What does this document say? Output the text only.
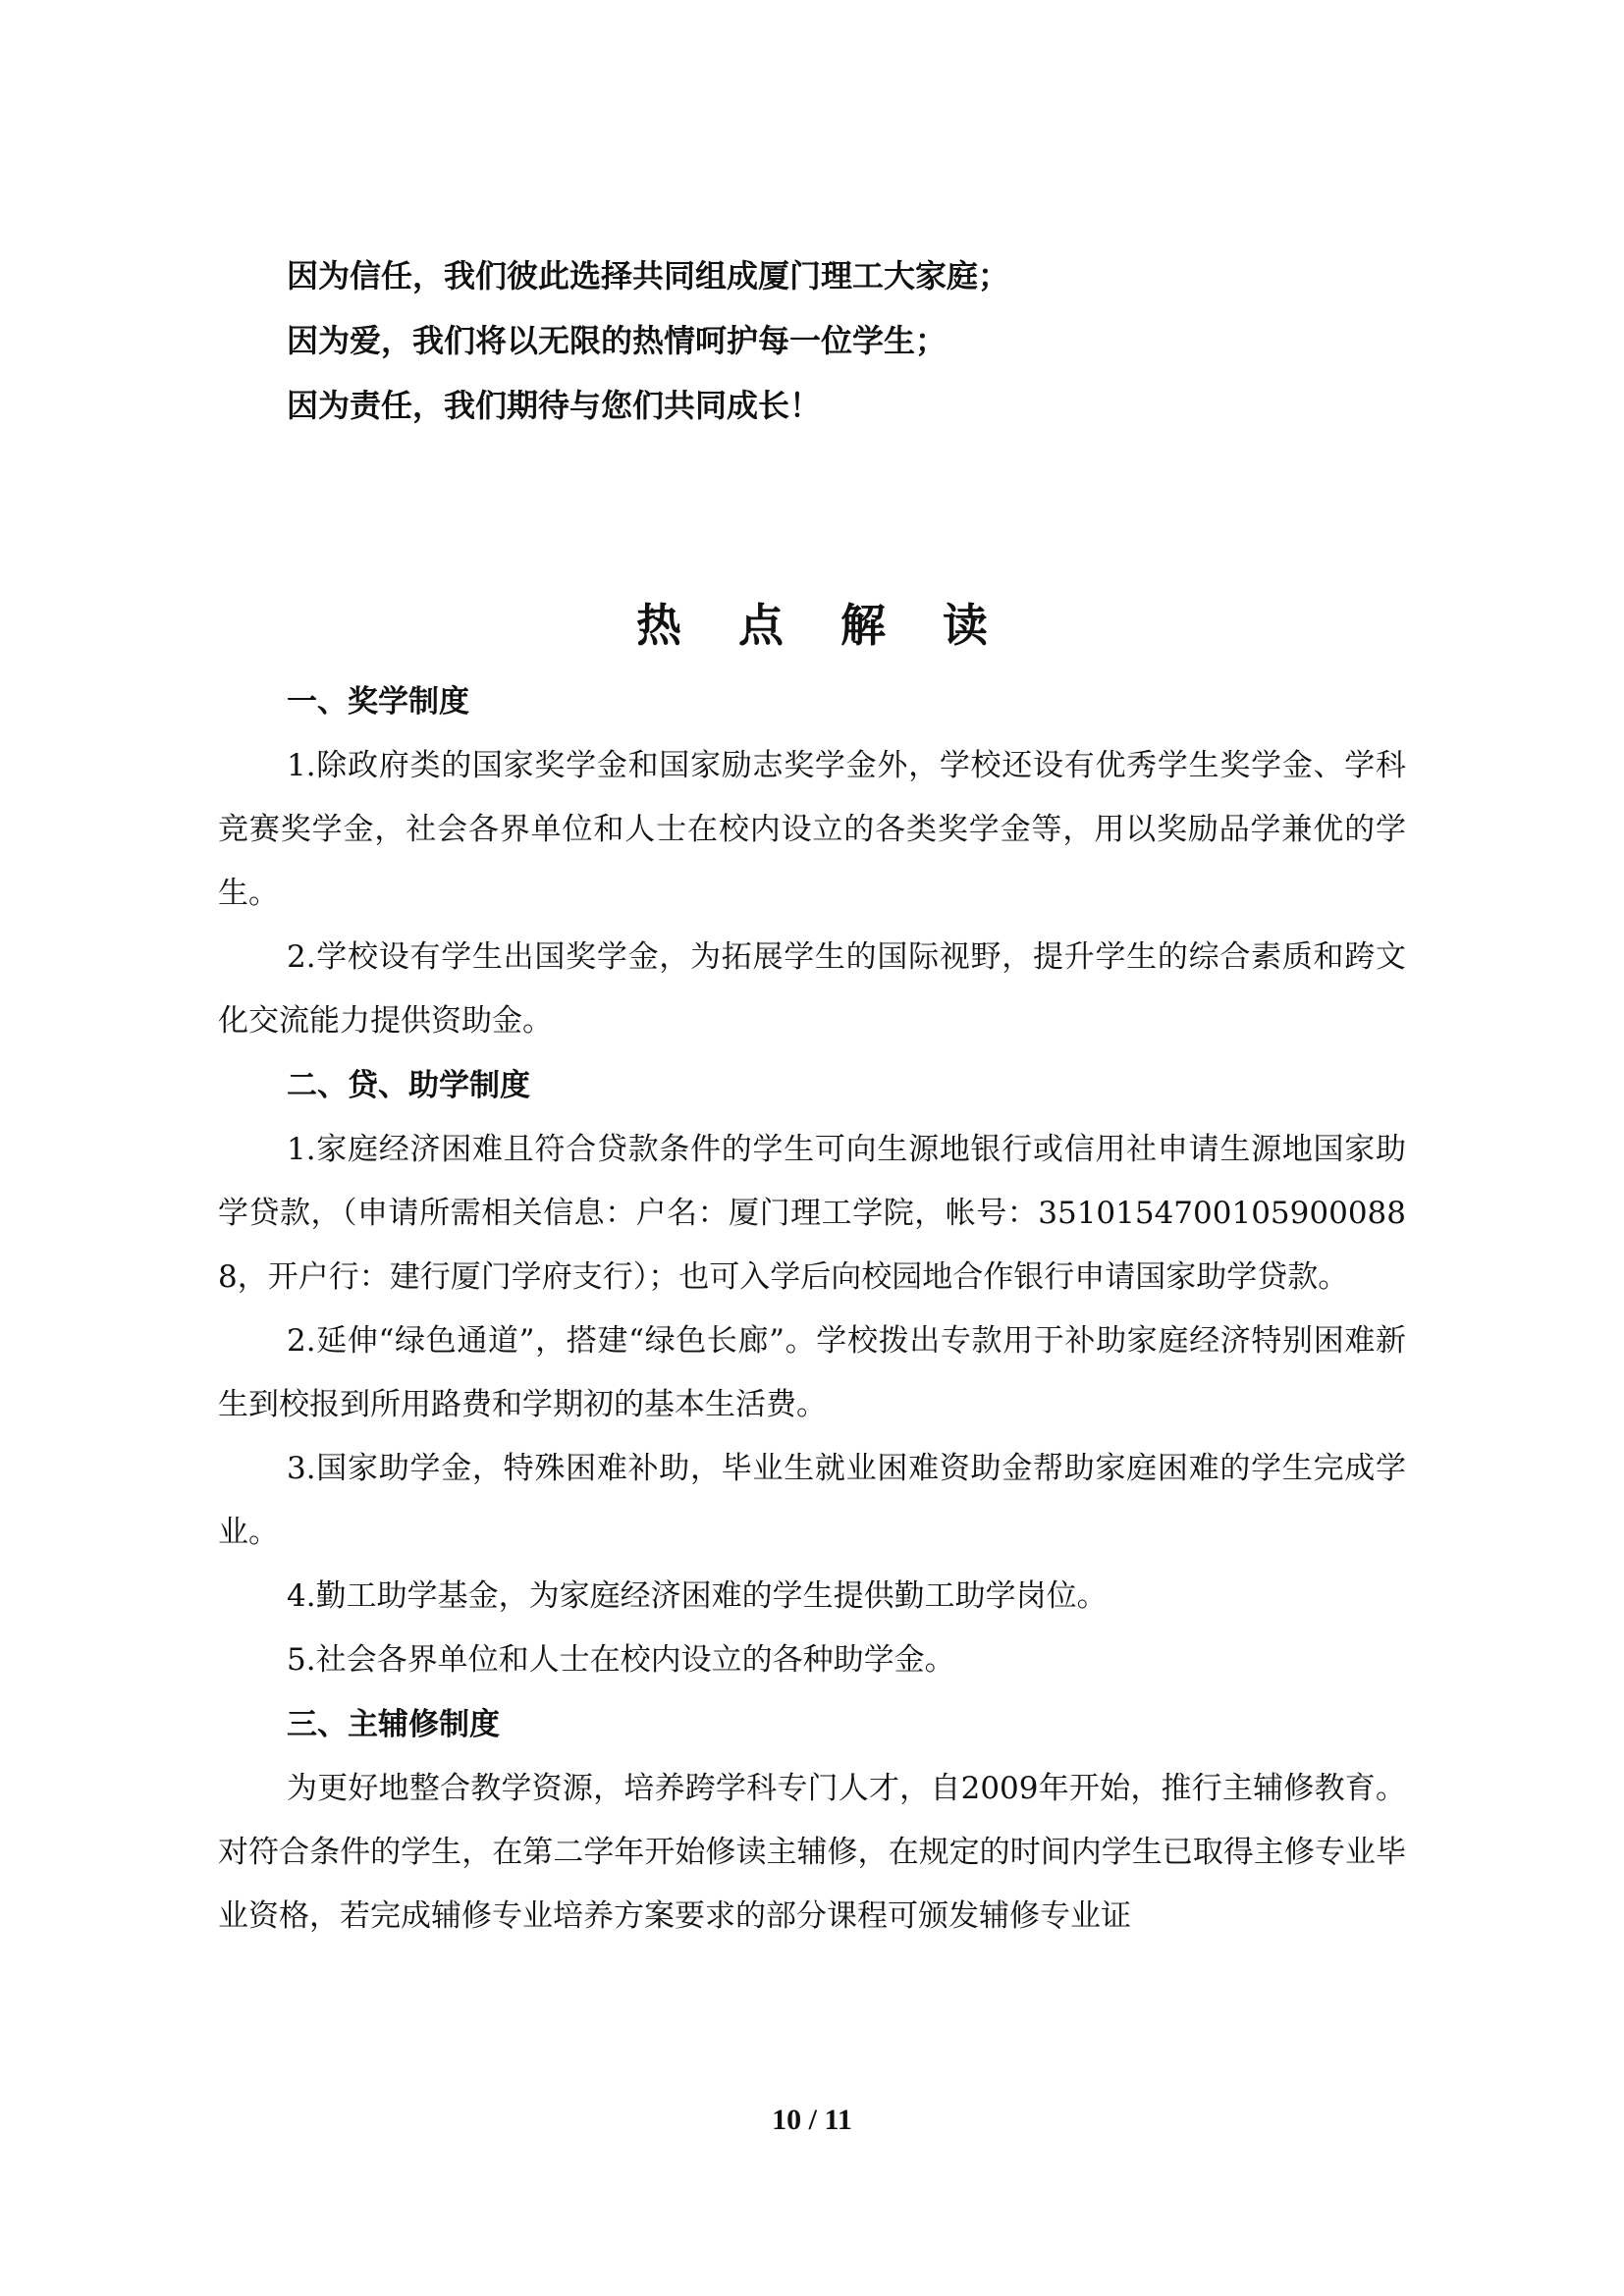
因为信任，我们彼此选择共同组成厦门理工大家庭；
因为爱，我们将以无限的热情呵护每一位学生；
因为责任，我们期待与您们共同成长！
热点解读

一、奖学制度

1.除政府类的国家奖学金和国家励志奖学金外，学校还设有优秀学生奖学金、学科竞赛奖学金，社会各界单位和人士在校内设立的各类奖学金等，用以奖励品学兼优的学生。

2.学校设有学生出国奖学金，为拓展学生的国际视野，提升学生的综合素质和跨文化交流能力提供资助金。

二、贷、助学制度

1.家庭经济困难且符合贷款条件的学生可向生源地银行或信用社申请生源地国家助学贷款，（申请所需相关信息：户名：厦门理工学院，帐号：35101547001059000888，开户行：建行厦门学府支行）；也可入学后向校园地合作银行申请国家助学贷款。

2.延伸“绿色通道”，搭建“绿色长廊”。学校拨出专款用于补助家庭经济特别困难新生到校报到所用路费和学期初的基本生活费。

3.国家助学金，特殊困难补助，毕业生就业困难资助金帮助家庭困难的学生完成学业。

4.勤工助学基金，为家庭经济困难的学生提供勤工助学岗位。

5.社会各界单位和人士在校内设立的各种助学金。

三、主辅修制度

为更好地整合教学资源，培养跨学科专门人才，自2009年开始，推行主辅修教育。对符合条件的学生，在第二学年开始修读主辅修，在规定的时间内学生已取得主修专业毕业资格，若完成辅修专业培养方案要求的部分课程可颁发辅修专业证

10 / 11
